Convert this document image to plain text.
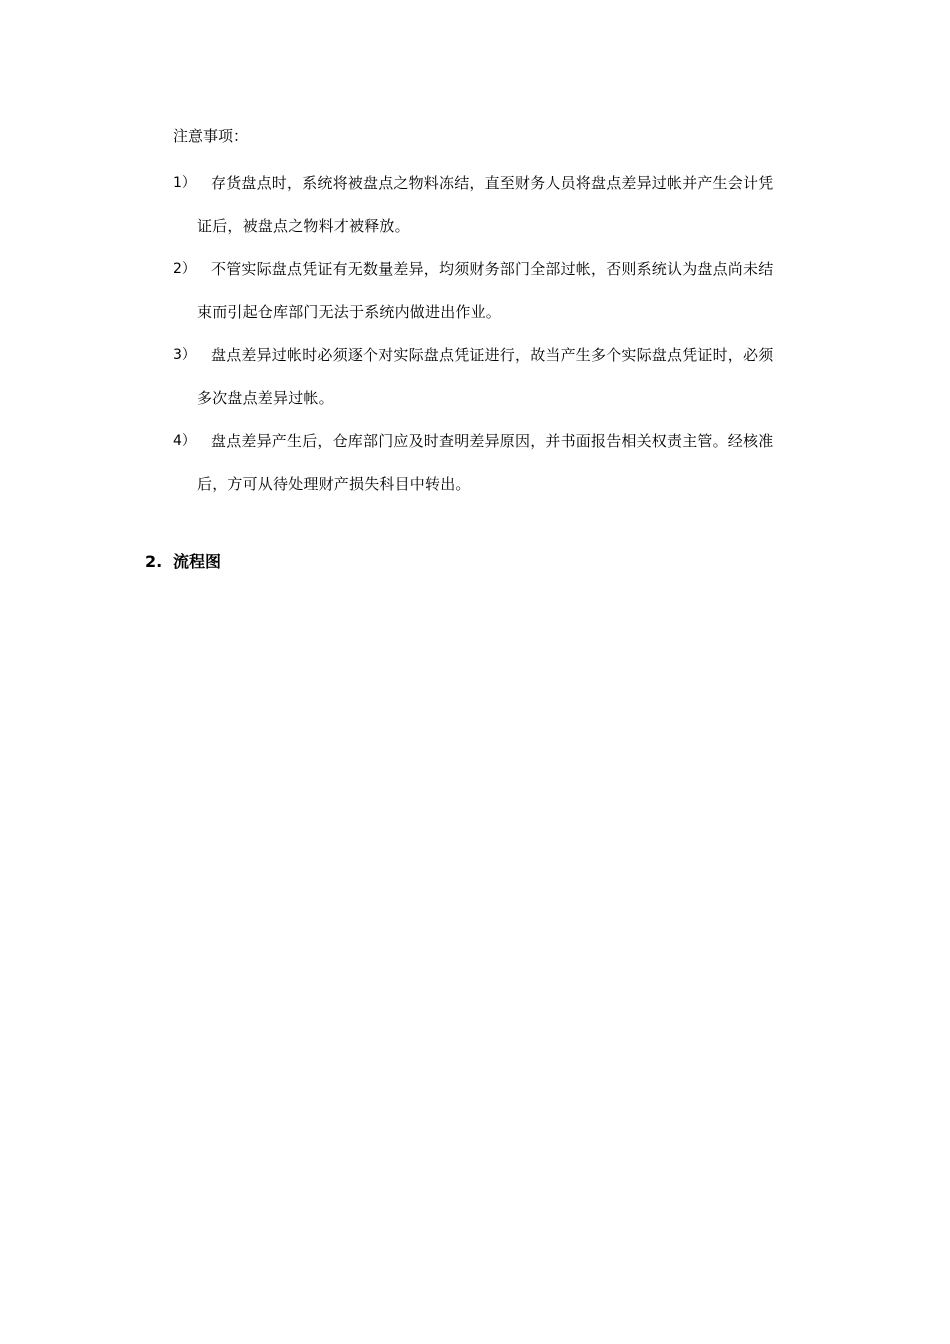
注意事项：
1） 存货盘点时，系统将被盘点之物料冻结，直至财务人员将盘点差异过帐并产生会计凭
证后，被盘点之物料才被释放。
2） 不管实际盘点凭证有无数量差异，均须财务部门全部过帐，否则系统认为盘点尚未结
束而引起仓库部门无法于系统内做进出作业。
3） 盘点差异过帐时必须逐个对实际盘点凭证进行，故当产生多个实际盘点凭证时，必须
多次盘点差异过帐。
4） 盘点差异产生后，仓库部门应及时查明差异原因，并书面报告相关权责主管。经核准
后，方可从待处理财产损失科目中转出。
2. 流程图
